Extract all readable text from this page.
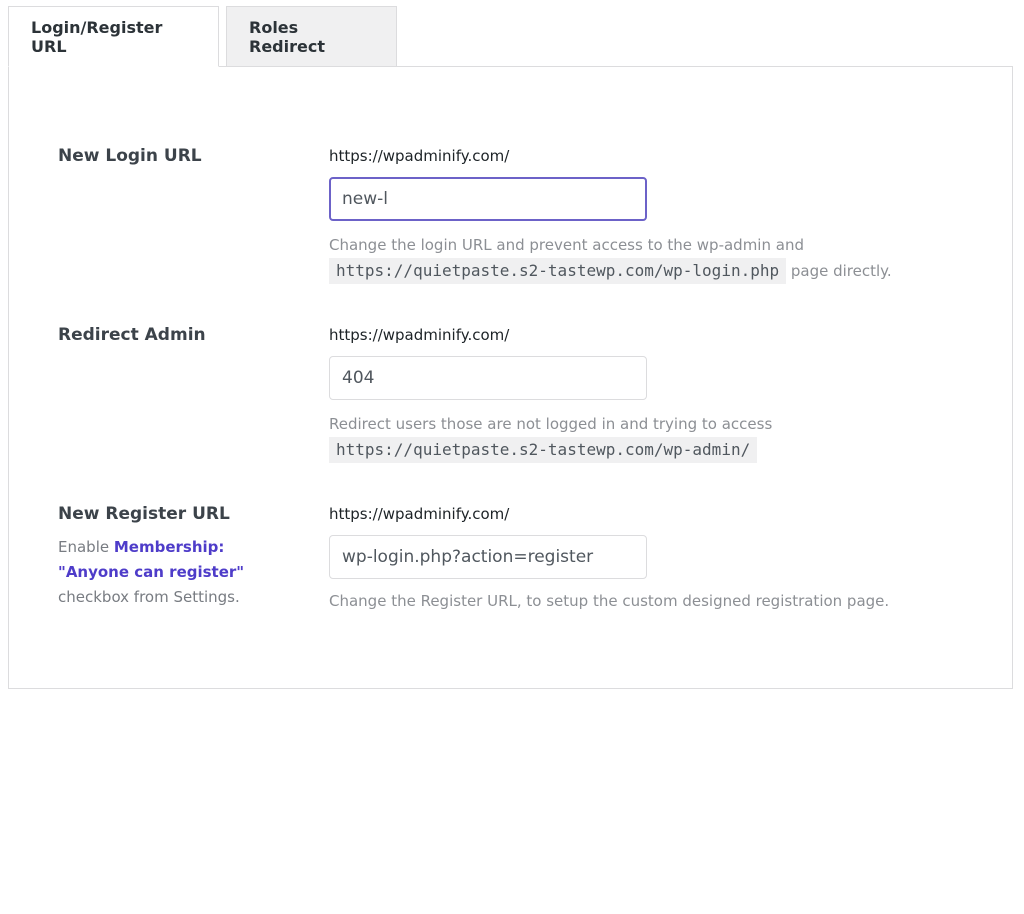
Login/Register URL
Roles Redirect
New Login URL	https://wpadminify.com/
new-l
Change the login URL and prevent access to the wp-admin and
https://quietpaste.s2-tastewp.com/wp-login.php page directly.
Redirect Admin	https://wpadminify.com/
404
Redirect users those are not logged in and trying to access
https://quietpaste.s2-tastewp.com/wp-admin/
New Register URL
Enable Membership:
"Anyone can register"
checkbox from Settings.
https://wpadminify.com/
wp-login.php?action=register
Change the Register URL, to setup the custom designed registration page.
